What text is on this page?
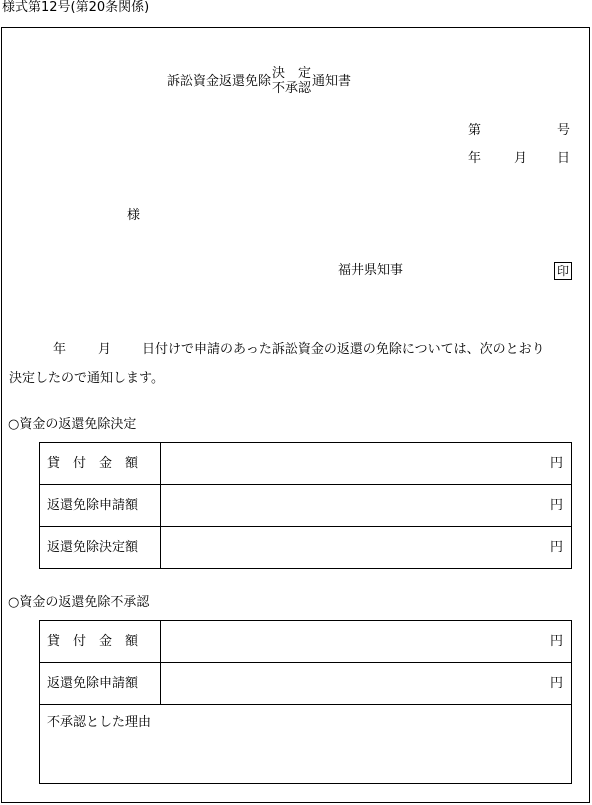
様式第12号(第20条関係)
訴訟資金返還免除 決　定
不承認 通知書
第	号
年	月 日
様
福井県知事	印
年 月 日付けで申請のあった訴訟資金の返還の免除については、次のとおり
決定したので通知します。
○資金の返還免除決定
貸　付　金　額	円
返還免除申請額	円
返還免除決定額	円
○資金の返還免除不承認
貸　付　金　額	円
返還免除申請額	円
不承認とした理由	
